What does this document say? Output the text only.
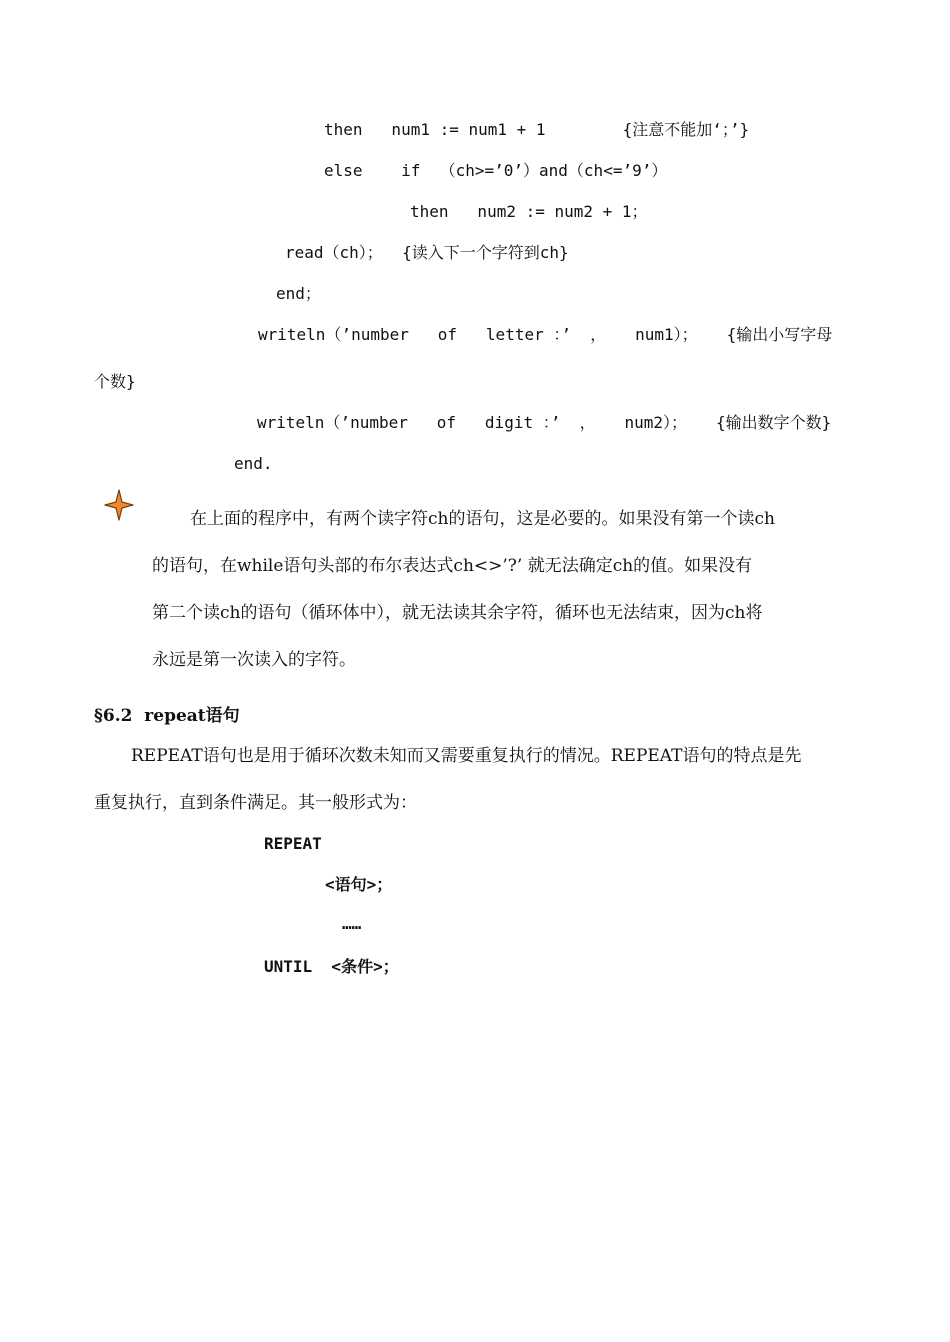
then   num1 := num1 + 1        {注意不能加‘；’}
else    if  （ch>=’0’）and（ch<=’9’）
then   num2 := num2 + 1；
read（ch）；  {读入下一个字符到ch}
end；
writeln（’number   of   letter ：’  ，   num1）；   {输出小写字母
个数}
writeln（’number   of   digit ：’  ，   num2）；   {输出数字个数}
end.
在上面的程序中，有两个读字符ch的语句，这是必要的。如果没有第一个读ch
的语句，在while语句头部的布尔表达式ch<>’?’ 就无法确定ch的值。如果没有
第二个读ch的语句（循环体中），就无法读其余字符，循环也无法结束，因为ch将
永远是第一次读入的字符。
§6.2  repeat语句
REPEAT语句也是用于循环次数未知而又需要重复执行的情况。REPEAT语句的特点是先
重复执行，直到条件满足。其一般形式为：
REPEAT
<语句>；
……
UNTIL  <条件>；
